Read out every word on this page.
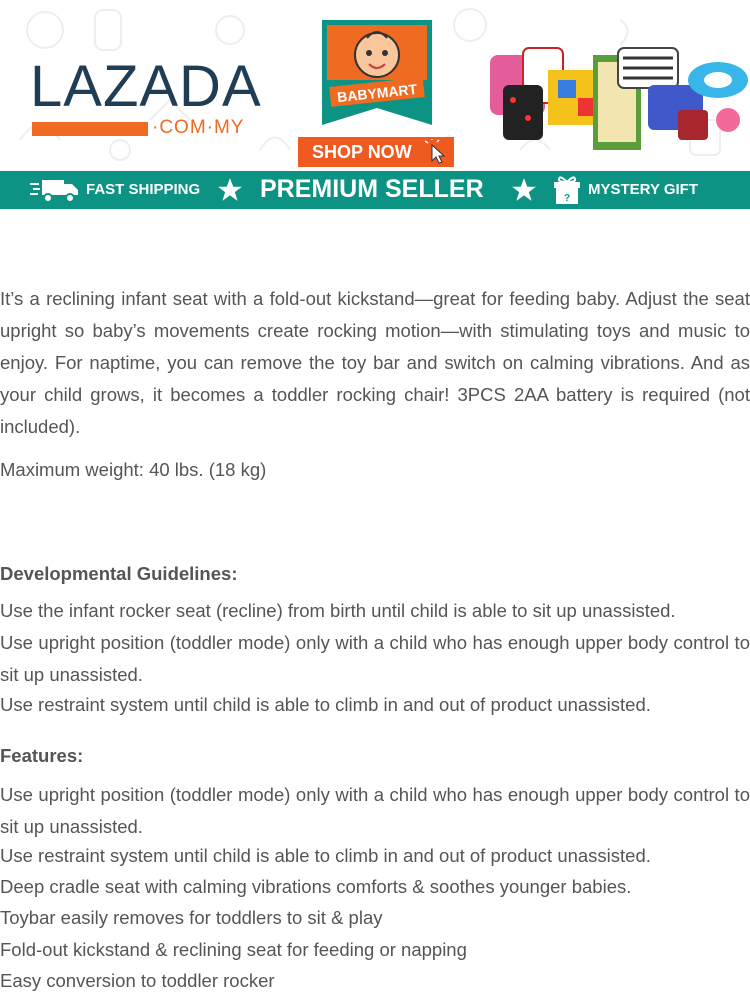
LAZADA
·COM·MY
BABYMART
SHOP NOW
FAST SHIPPING PREMIUM SELLER	?
MYSTERY GIFT

It’s a reclining infant seat with a fold-out kickstand—great for feeding baby. Adjust the seat upright so baby’s movements create rocking motion—with stimulating toys and music to enjoy. For naptime, you can remove the toy bar and switch on calming vibrations. And as your child grows, it becomes a toddler rocking chair! 3PCS 2AA battery is required (not included).

Maximum weight: 40 lbs. (18 kg)

Developmental Guidelines:
Use the infant rocker seat (recline) from birth until child is able to sit up unassisted.
Use upright position (toddler mode) only with a child who has enough upper body control to sit up unassisted.
Use restraint system until child is able to climb in and out of product unassisted.
Features:
Use upright position (toddler mode) only with a child who has enough upper body control to sit up unassisted.
Use restraint system until child is able to climb in and out of product unassisted.
Deep cradle seat with calming vibrations comforts & soothes younger babies.
Toybar easily removes for toddlers to sit & play
Fold-out kickstand & reclining seat for feeding or napping
Easy conversion to toddler rocker
